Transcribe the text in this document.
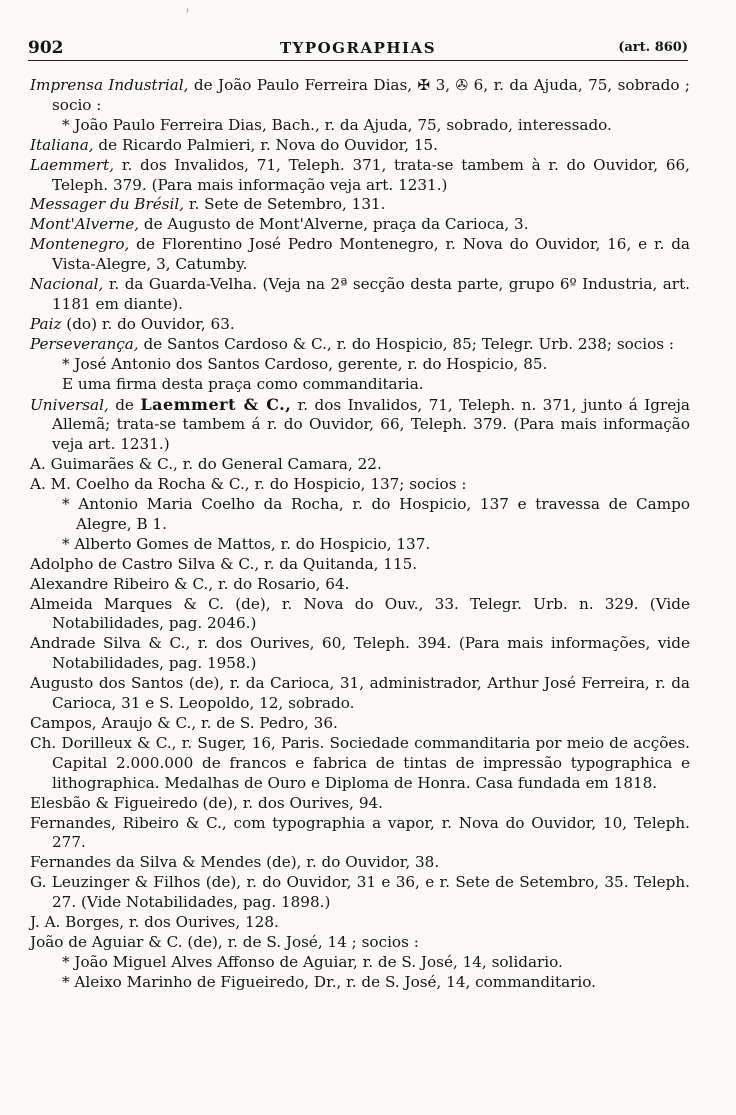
⁾
902	TYPOGRAPHIAS	(art. 860)

Imprensa Industrial, de João Paulo Ferreira Dias, ✠ 3, ✇ 6, r. da Ajuda, 75, sobrado ; socio :

* João Paulo Ferreira Dias, Bach., r. da Ajuda, 75, sobrado, interessado.

Italiana, de Ricardo Palmieri, r. Nova do Ouvidor, 15.

Laemmert, r. dos Invalidos, 71, Teleph. 371, trata-se tambem à r. do Ouvidor, 66, Teleph. 379. (Para mais informação veja art. 1231.)

Messager du Brésil, r. Sete de Setembro, 131.

Mont'Alverne, de Augusto de Mont'Alverne, praça da Carioca, 3.

Montenegro, de Florentino José Pedro Montenegro, r. Nova do Ouvidor, 16, e r. da Vista-Alegre, 3, Catumby.

Nacional, r. da Guarda-Velha. (Veja na 2ª secção desta parte, grupo 6º Industria, art. 1181 em diante).

Paiz (do) r. do Ouvidor, 63.

Perseverança, de Santos Cardoso & C., r. do Hospicio, 85; Telegr. Urb. 238; socios :

* José Antonio dos Santos Cardoso, gerente, r. do Hospicio, 85.

E uma firma desta praça como commanditaria.

Universal, de Laemmert & C., r. dos Invalidos, 71, Teleph. n. 371, junto á Igreja Allemã; trata-se tambem á r. do Ouvidor, 66, Teleph. 379. (Para mais informação veja art. 1231.)

A. Guimarães & C., r. do General Camara, 22.

A. M. Coelho da Rocha & C., r. do Hospicio, 137; socios :

* Antonio Maria Coelho da Rocha, r. do Hospicio, 137 e travessa de Campo Alegre, B 1.

* Alberto Gomes de Mattos, r. do Hospicio, 137.

Adolpho de Castro Silva & C., r. da Quitanda, 115.

Alexandre Ribeiro & C., r. do Rosario, 64.

Almeida Marques & C. (de), r. Nova do Ouv., 33. Telegr. Urb. n. 329. (Vide Notabilidades, pag. 2046.)

Andrade Silva & C., r. dos Ourives, 60, Teleph. 394. (Para mais informações, vide Notabilidades, pag. 1958.)

Augusto dos Santos (de), r. da Carioca, 31, administrador, Arthur José Ferreira, r. da Carioca, 31 e S. Leopoldo, 12, sobrado.

Campos, Araujo & C., r. de S. Pedro, 36.

Ch. Dorilleux & C., r. Suger, 16, Paris. Sociedade commanditaria por meio de acções. Capital 2.000.000 de francos e fabrica de tintas de impressão typographica e lithographica. Medalhas de Ouro e Diploma de Honra. Casa fundada em 1818.

Elesbão & Figueiredo (de), r. dos Ourives, 94.

Fernandes, Ribeiro & C., com typographia a vapor, r. Nova do Ouvidor, 10, Teleph. 277.

Fernandes da Silva & Mendes (de), r. do Ouvidor, 38.

G. Leuzinger & Filhos (de), r. do Ouvidor, 31 e 36, e r. Sete de Setembro, 35. Teleph. 27. (Vide Notabilidades, pag. 1898.)

J. A. Borges, r. dos Ourives, 128.

João de Aguiar & C. (de), r. de S. José, 14 ; socios :

* João Miguel Alves Affonso de Aguiar, r. de S. José, 14, solidario.

* Aleixo Marinho de Figueiredo, Dr., r. de S. José, 14, commanditario.
